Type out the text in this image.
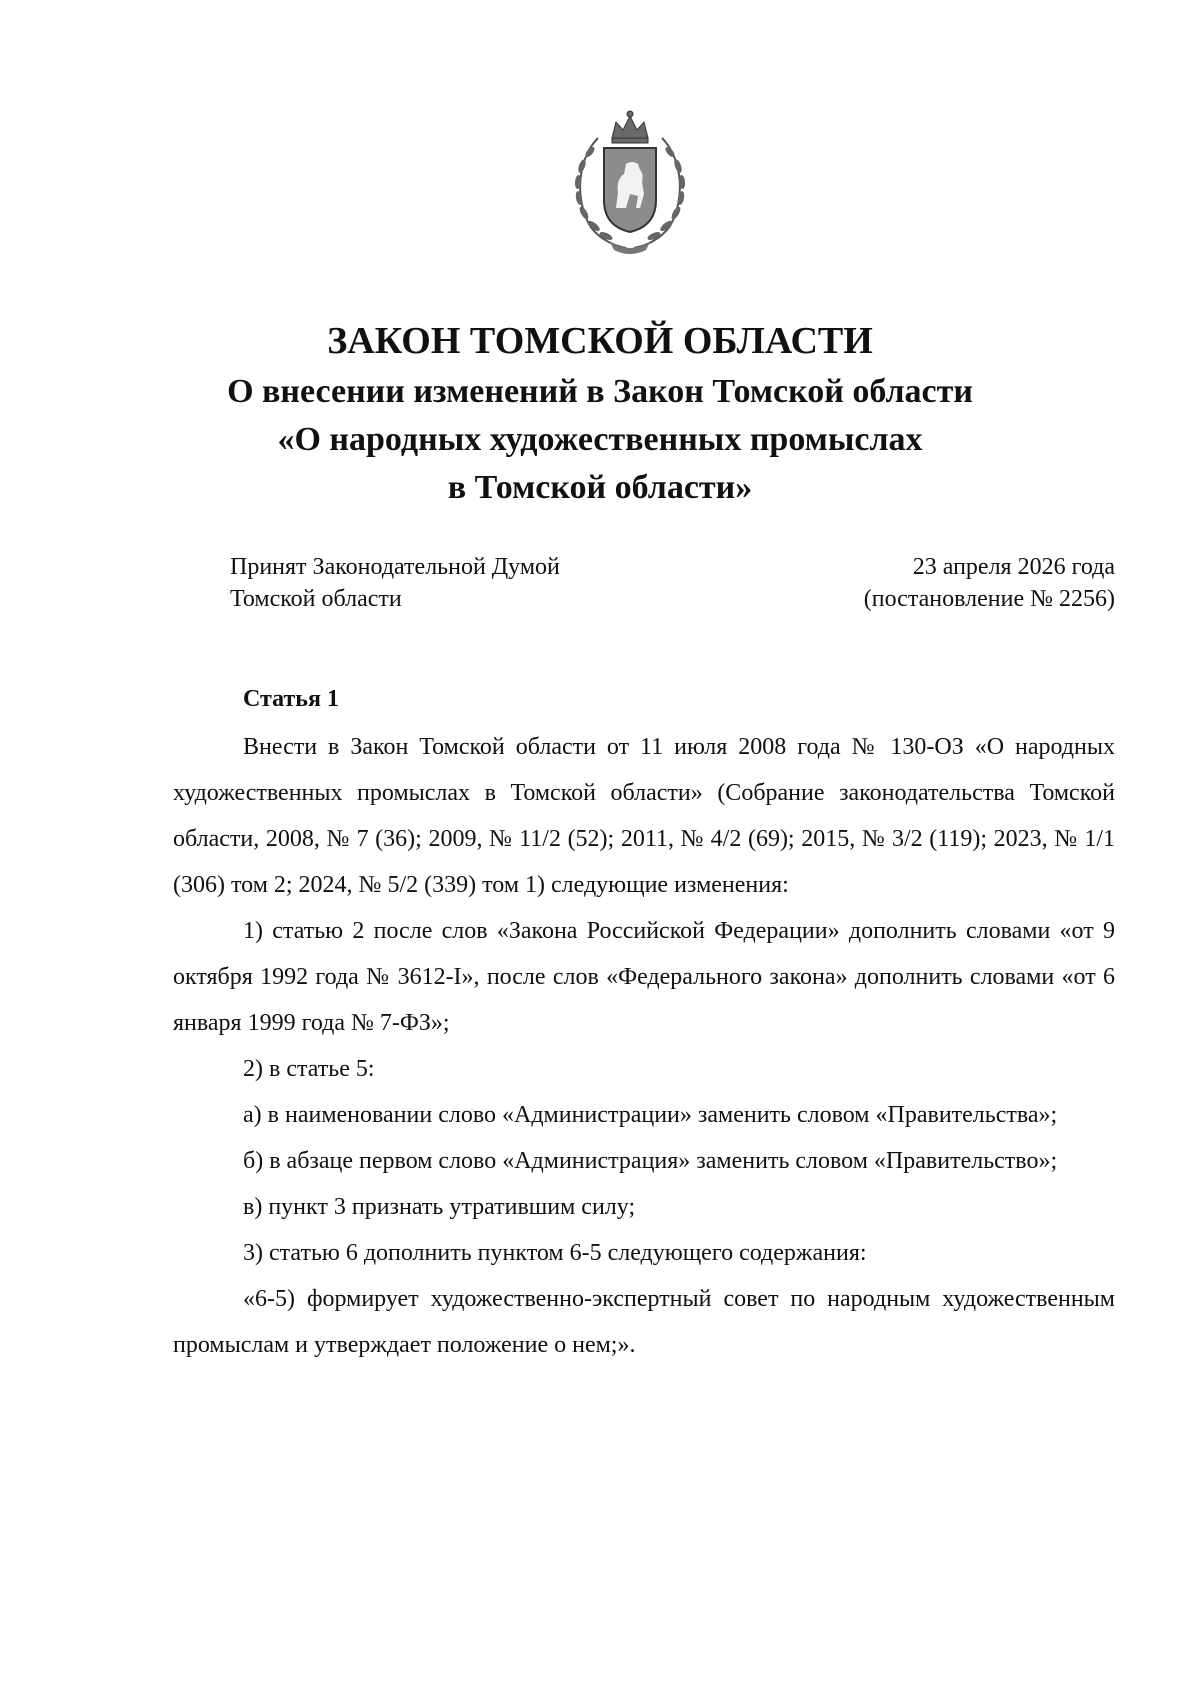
ЗАКОН ТОМСКОЙ ОБЛАСТИ
О внесении изменений в Закон Томской области
«О народных художественных промыслах
в Томской области»
Принят Законодательной Думой
Томской области
23 апреля 2026 года
(постановление № 2256)
Статья 1

Внести в Закон Томской области от 11 июля 2008 года № 130-ОЗ «О народных художественных промыслах в Томской области» (Собрание законодательства Томской области, 2008, № 7 (36); 2009, № 11/2 (52); 2011, № 4/2 (69); 2015, № 3/2 (119); 2023, № 1/1 (306) том 2; 2024, № 5/2 (339) том 1) следующие изменения:

1) статью 2 после слов «Закона Российской Федерации» дополнить словами «от 9 октября 1992 года № 3612-I», после слов «Федерального закона» дополнить словами «от 6 января 1999 года № 7-ФЗ»;

2) в статье 5:

а) в наименовании слово «Администрации» заменить словом «Правительства»;

б) в абзаце первом слово «Администрация» заменить словом «Правительство»;

в) пункт 3 признать утратившим силу;

3) статью 6 дополнить пунктом 6-5 следующего содержания:

«6-5) формирует художественно-экспертный совет по народным художественным промыслам и утверждает положение о нем;».
